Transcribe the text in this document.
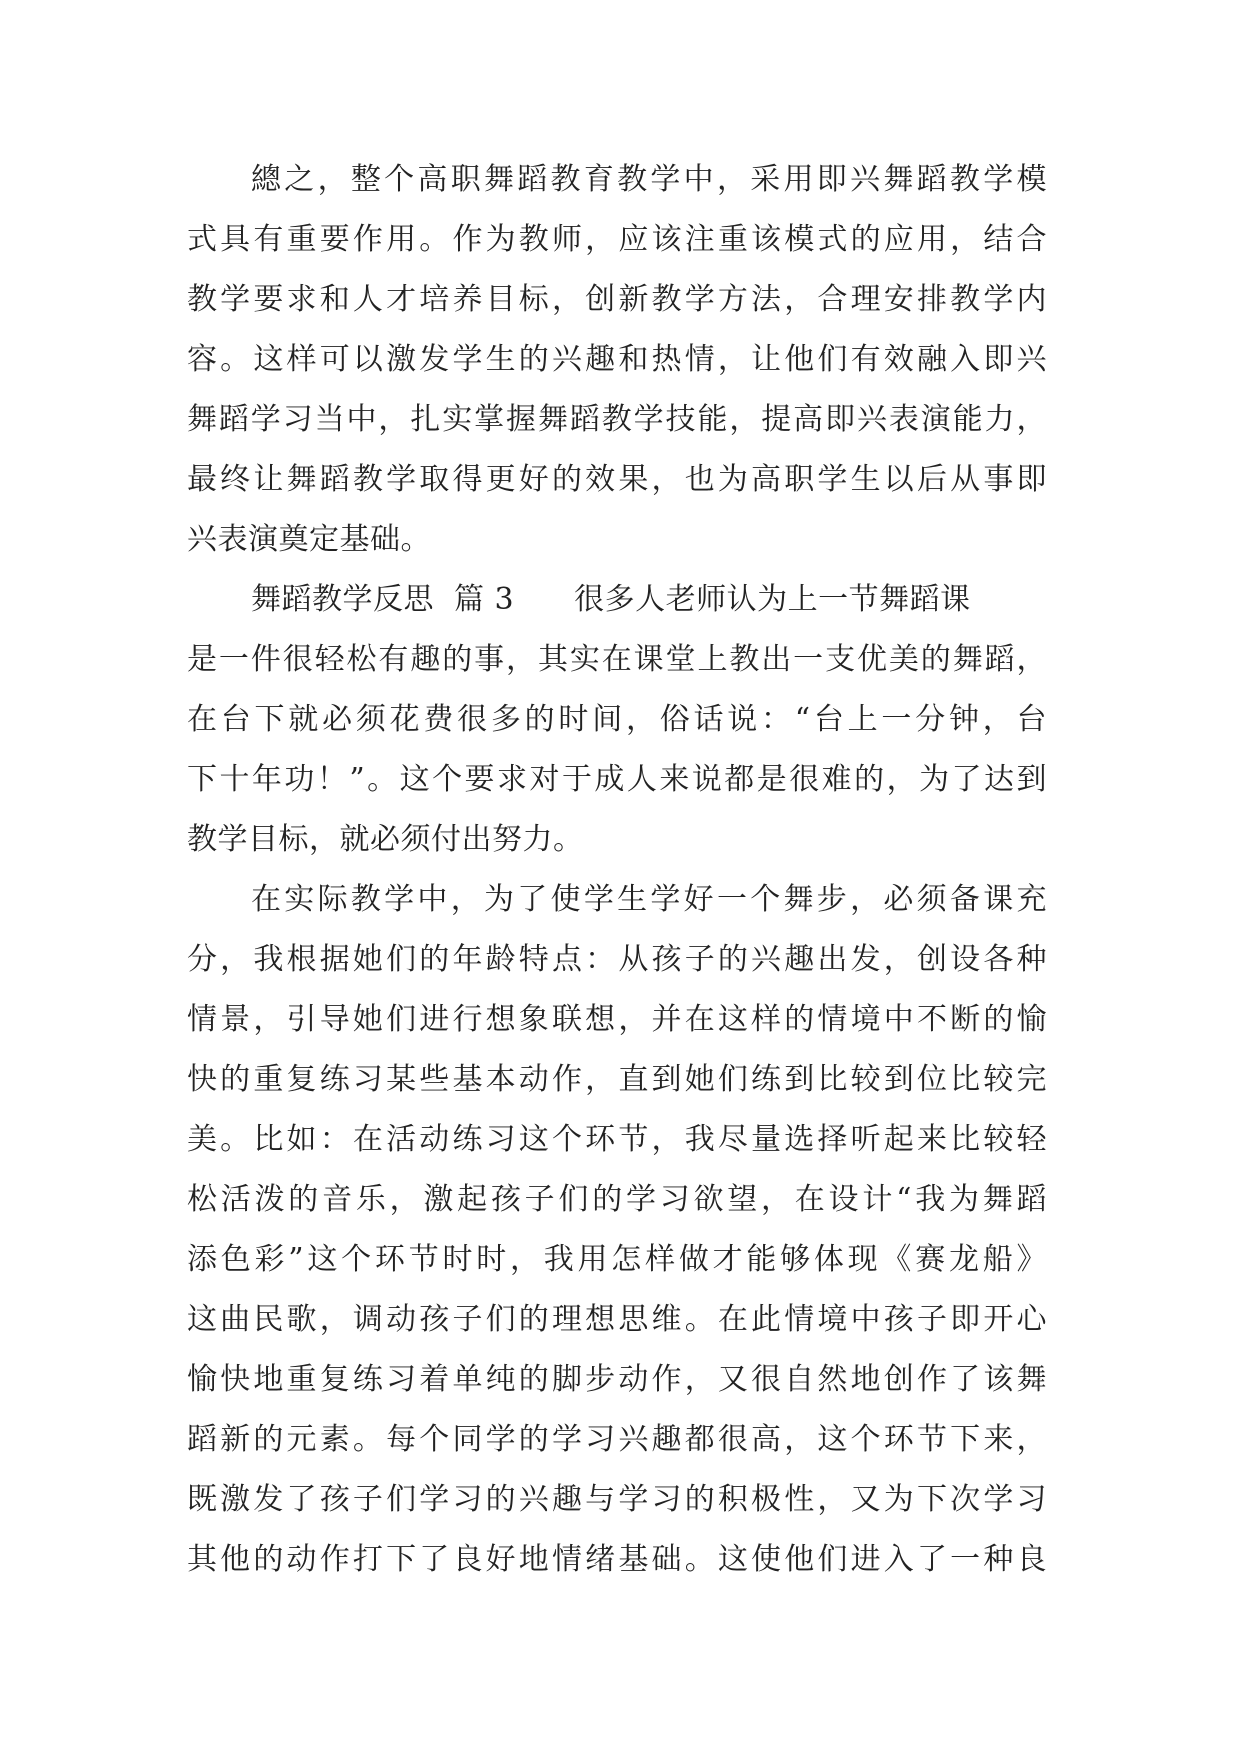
總之，整个高职舞蹈教育教学中，采用即兴舞蹈教学模
式具有重要作用。作为教师，应该注重该模式的应用，结合
教学要求和人才培养目标，创新教学方法，合理安排教学内
容。这样可以激发学生的兴趣和热情，让他们有效融入即兴
舞蹈学习当中，扎实掌握舞蹈教学技能，提高即兴表演能力，
最终让舞蹈教学取得更好的效果，也为高职学生以后从事即
兴表演奠定基础。
舞蹈教学反思 篇 3 很多人老师认为上一节舞蹈课
是一件很轻松有趣的事，其实在课堂上教出一支优美的舞蹈，
在台下就必须花费很多的时间，俗话说：“台上一分钟，台
下十年功！”。这个要求对于成人来说都是很难的，为了达到
教学目标，就必须付出努力。
在实际教学中，为了使学生学好一个舞步，必须备课充
分，我根据她们的年龄特点：从孩子的兴趣出发，创设各种
情景，引导她们进行想象联想，并在这样的情境中不断的愉
快的重复练习某些基本动作，直到她们练到比较到位比较完
美。比如：在活动练习这个环节，我尽量选择听起来比较轻
松活泼的音乐，激起孩子们的学习欲望，在设计“我为舞蹈
添色彩”这个环节时时，我用怎样做才能够体现《赛龙船》
这曲民歌，调动孩子们的理想思维。在此情境中孩子即开心
愉快地重复练习着单纯的脚步动作，又很自然地创作了该舞
蹈新的元素。每个同学的学习兴趣都很高，这个环节下来，
既激发了孩子们学习的兴趣与学习的积极性，又为下次学习
其他的动作打下了良好地情绪基础。这使他们进入了一种良
